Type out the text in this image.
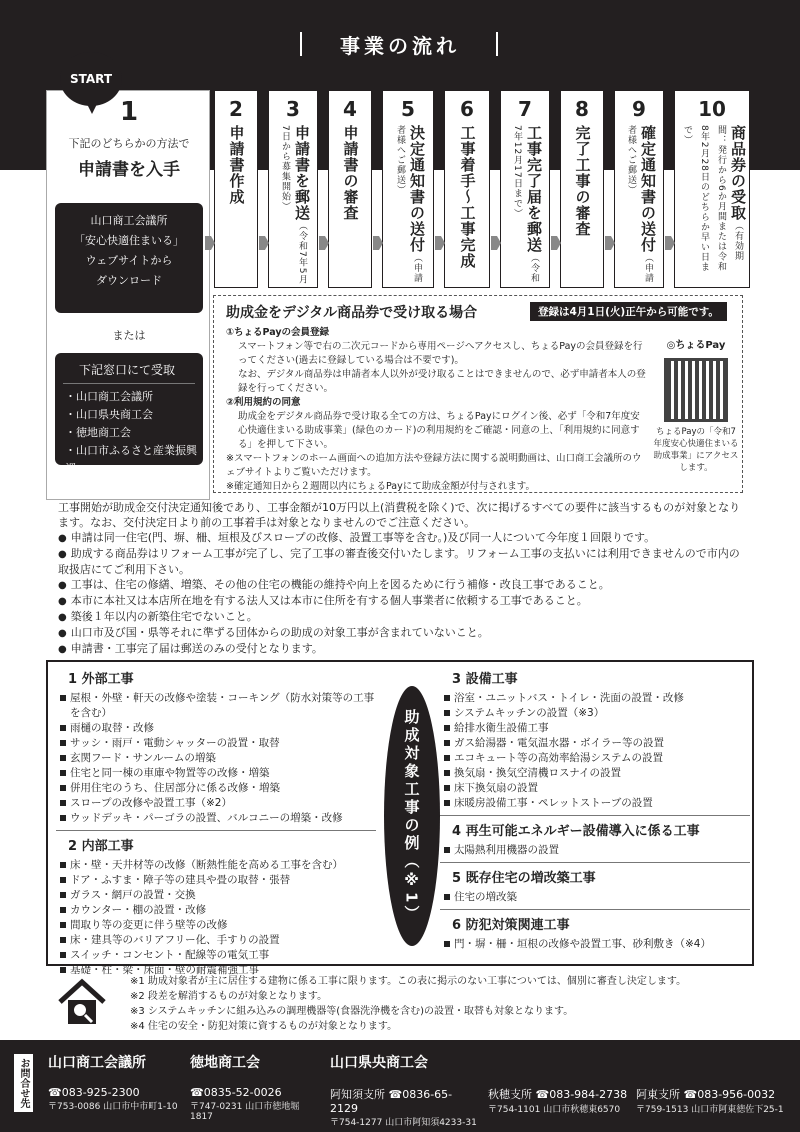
事業の流れ
1
下記のどちらかの方法で
申請書を入手
山口商工会議所
「安心快適住まいる」
ウェブサイトから
ダウンロード
または
下記窓口にて受取
・山口商工会議所
・山口県央商工会
・徳地商工会
・山口市ふるさと産業振興課
START
2
申請書作成
3
申請書を郵送（令和7年5月7日から募集開始）
4
申請書の審査
5
決定通知書の送付（申請者様へご郵送）
6
工事着手〜工事完成
7
工事完了届を郵送（令和7年12月17日まで）
8
完了工事の審査
9
確定通知書の送付（申請者様へご郵送）
10
商品券の受取（有効期間：発行から6か月間または令和8年2月28日のどちらか早い日まで）
助成金をデジタル商品券で受け取る場合	登録は4月1日(火)正午から可能です。
①ちょるPayの会員登録
スマートフォン等で右の二次元コードから専用ページへアクセスし、ちょるPayの会員登録を行ってください(過去に登録している場合は不要です)。
なお、デジタル商品券は申請者本人以外が受け取ることはできませんので、必ず申請者本人の登録を行ってください。
②利用規約の同意
助成金をデジタル商品券で受け取る全ての方は、ちょるPayにログイン後、必ず「令和7年度安心快適住まいる助成事業」(緑色のカード)の利用規約をご確認・同意の上、「利用規約に同意する」を押して下さい。
※スマートフォンのホーム画面への追加方法や登録方法に関する説明動画は、山口商工会議所のウェブサイトよりご覧いただけます。
※確定通知日から２週間以内にちょるPayにて助成金額が付与されます。
◎ちょるPay
ちょるPayの「令和7年度安心快適住まいる助成事業」にアクセスします。
工事開始が助成金交付決定通知後であり、工事金額が10万円以上(消費税を除く)で、次に掲げるすべての要件に該当するものが対象となります。なお、交付決定日より前の工事着手は対象となりませんのでご注意ください。
● 申請は同一住宅(門、塀、柵、垣根及びスロープの改修、設置工事等を含む。)及び同一人について今年度１回限りです。
● 助成する商品券はリフォーム工事が完了し、完了工事の審査後交付いたします。リフォーム工事の支払いには利用できませんので市内の取扱店にてご利用下さい。
● 工事は、住宅の修繕、増築、その他の住宅の機能の維持や向上を図るために行う補修・改良工事であること。
● 本市に本社又は本店所在地を有する法人又は本市に住所を有する個人事業者に依頼する工事であること。
● 築後１年以内の新築住宅でないこと。
● 山口市及び国・県等それに準ずる団体からの助成の対象工事が含まれていないこと。
● 申請書・工事完了届は郵送のみの受付となります。
助成対象工事の例（※1）
1 外部工事
屋根・外壁・軒天の改修や塗装・コーキング（防水対策等の工事を含む）
雨樋の取替・改修
サッシ・雨戸・電動シャッターの設置・取替
玄関フード・サンルームの増築
住宅と同一棟の車庫や物置等の改修・増築
併用住宅のうち、住居部分に係る改修・増築
スロープの改修や設置工事（※2）
ウッドデッキ・パーゴラの設置、バルコニーの増築・改修
2 内部工事
床・壁・天井材等の改修（断熱性能を高める工事を含む）
ドア・ふすま・障子等の建具や畳の取替・張替
ガラス・網戸の設置・交換
カウンター・棚の設置・改修
間取り等の変更に伴う壁等の改修
床・建具等のバリアフリー化、手すりの設置
スイッチ・コンセント・配線等の電気工事
基礎・柱・梁・床面・壁の耐震補強工事
3 設備工事
浴室・ユニットバス・トイレ・洗面の設置・改修
システムキッチンの設置（※3）
給排水衛生設備工事
ガス給湯器・電気温水器・ボイラー等の設置
エコキュート等の高効率給湯システムの設置
換気扇・換気空清機ロスナイの設置
床下換気扇の設置
床暖房設備工事・ペレットストーブの設置
4 再生可能エネルギー設備導入に係る工事
太陽熱利用機器の設置
5 既存住宅の増改築工事
住宅の増改築
6 防犯対策関連工事
門・塀・柵・垣根の改修や設置工事、砂利敷き（※4）
※1 助成対象者が主に居住する建物に係る工事に限ります。この表に掲示のない工事については、個別に審査し決定します。
※2 段差を解消するものが対象となります。
※3 システムキッチンに組み込みの調理機器等(食器洗浄機を含む)の設置・取替も対象となります。
※4 住宅の安全・防犯対策に資するものが対象となります。
お問合せ先 山口商工会議所
☎083-925-2300
〒753-0086 山口市中市町1-10
徳地商工会
☎0835-52-0026
〒747-0231 山口市徳地堀1817
山口県央商工会
阿知須支所 ☎0836-65-2129
〒754-1277 山口市阿知須4233-31
秋穂支所 ☎083-984-2738
〒754-1101 山口市秋穂東6570
阿東支所 ☎083-956-0032
〒759-1513 山口市阿東徳佐下25-1
